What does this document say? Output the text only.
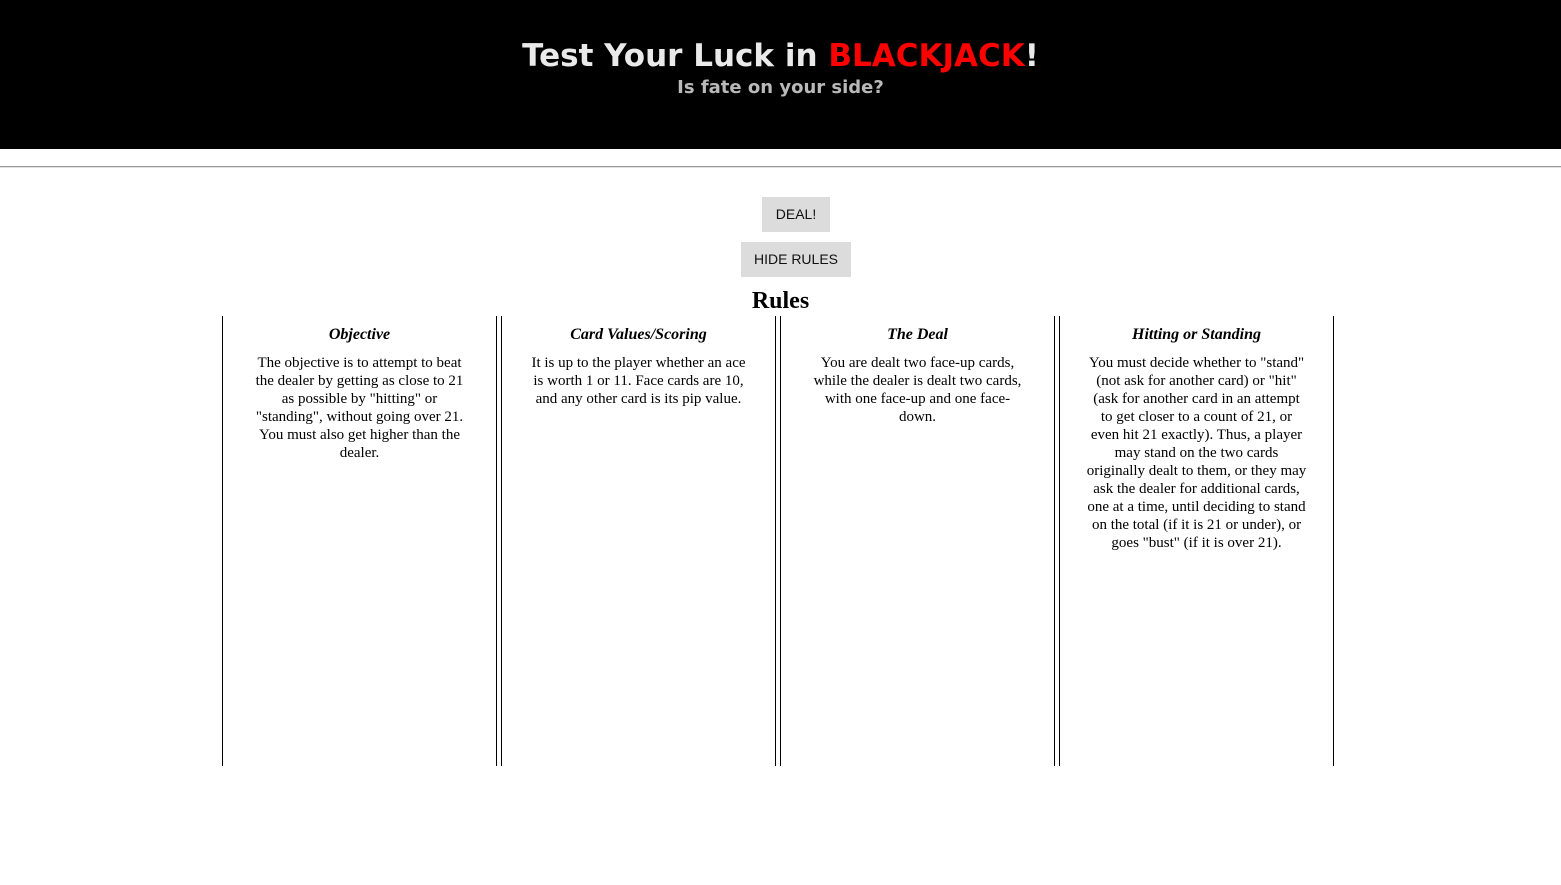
Test Your Luck in BLACKJACK!

Is fate on your side?

DEAL!
HIDE RULES
Rules

Objective

The objective is to attempt to beat the dealer by getting as close to 21 as possible by "hitting" or "standing", without going over 21. You must also get higher than the dealer.

Card Values/Scoring

It is up to the player whether an ace is worth 1 or 11. Face cards are 10, and any other card is its pip value.

The Deal

You are dealt two face-up cards, while the dealer is dealt two cards, with one face-up and one face-down.

Hitting or Standing

You must decide whether to "stand" (not ask for another card) or "hit" (ask for another card in an attempt to get closer to a count of 21, or even hit 21 exactly). Thus, a player may stand on the two cards originally dealt to them, or they may ask the dealer for additional cards, one at a time, until deciding to stand on the total (if it is 21 or under), or goes "bust" (if it is over 21).
